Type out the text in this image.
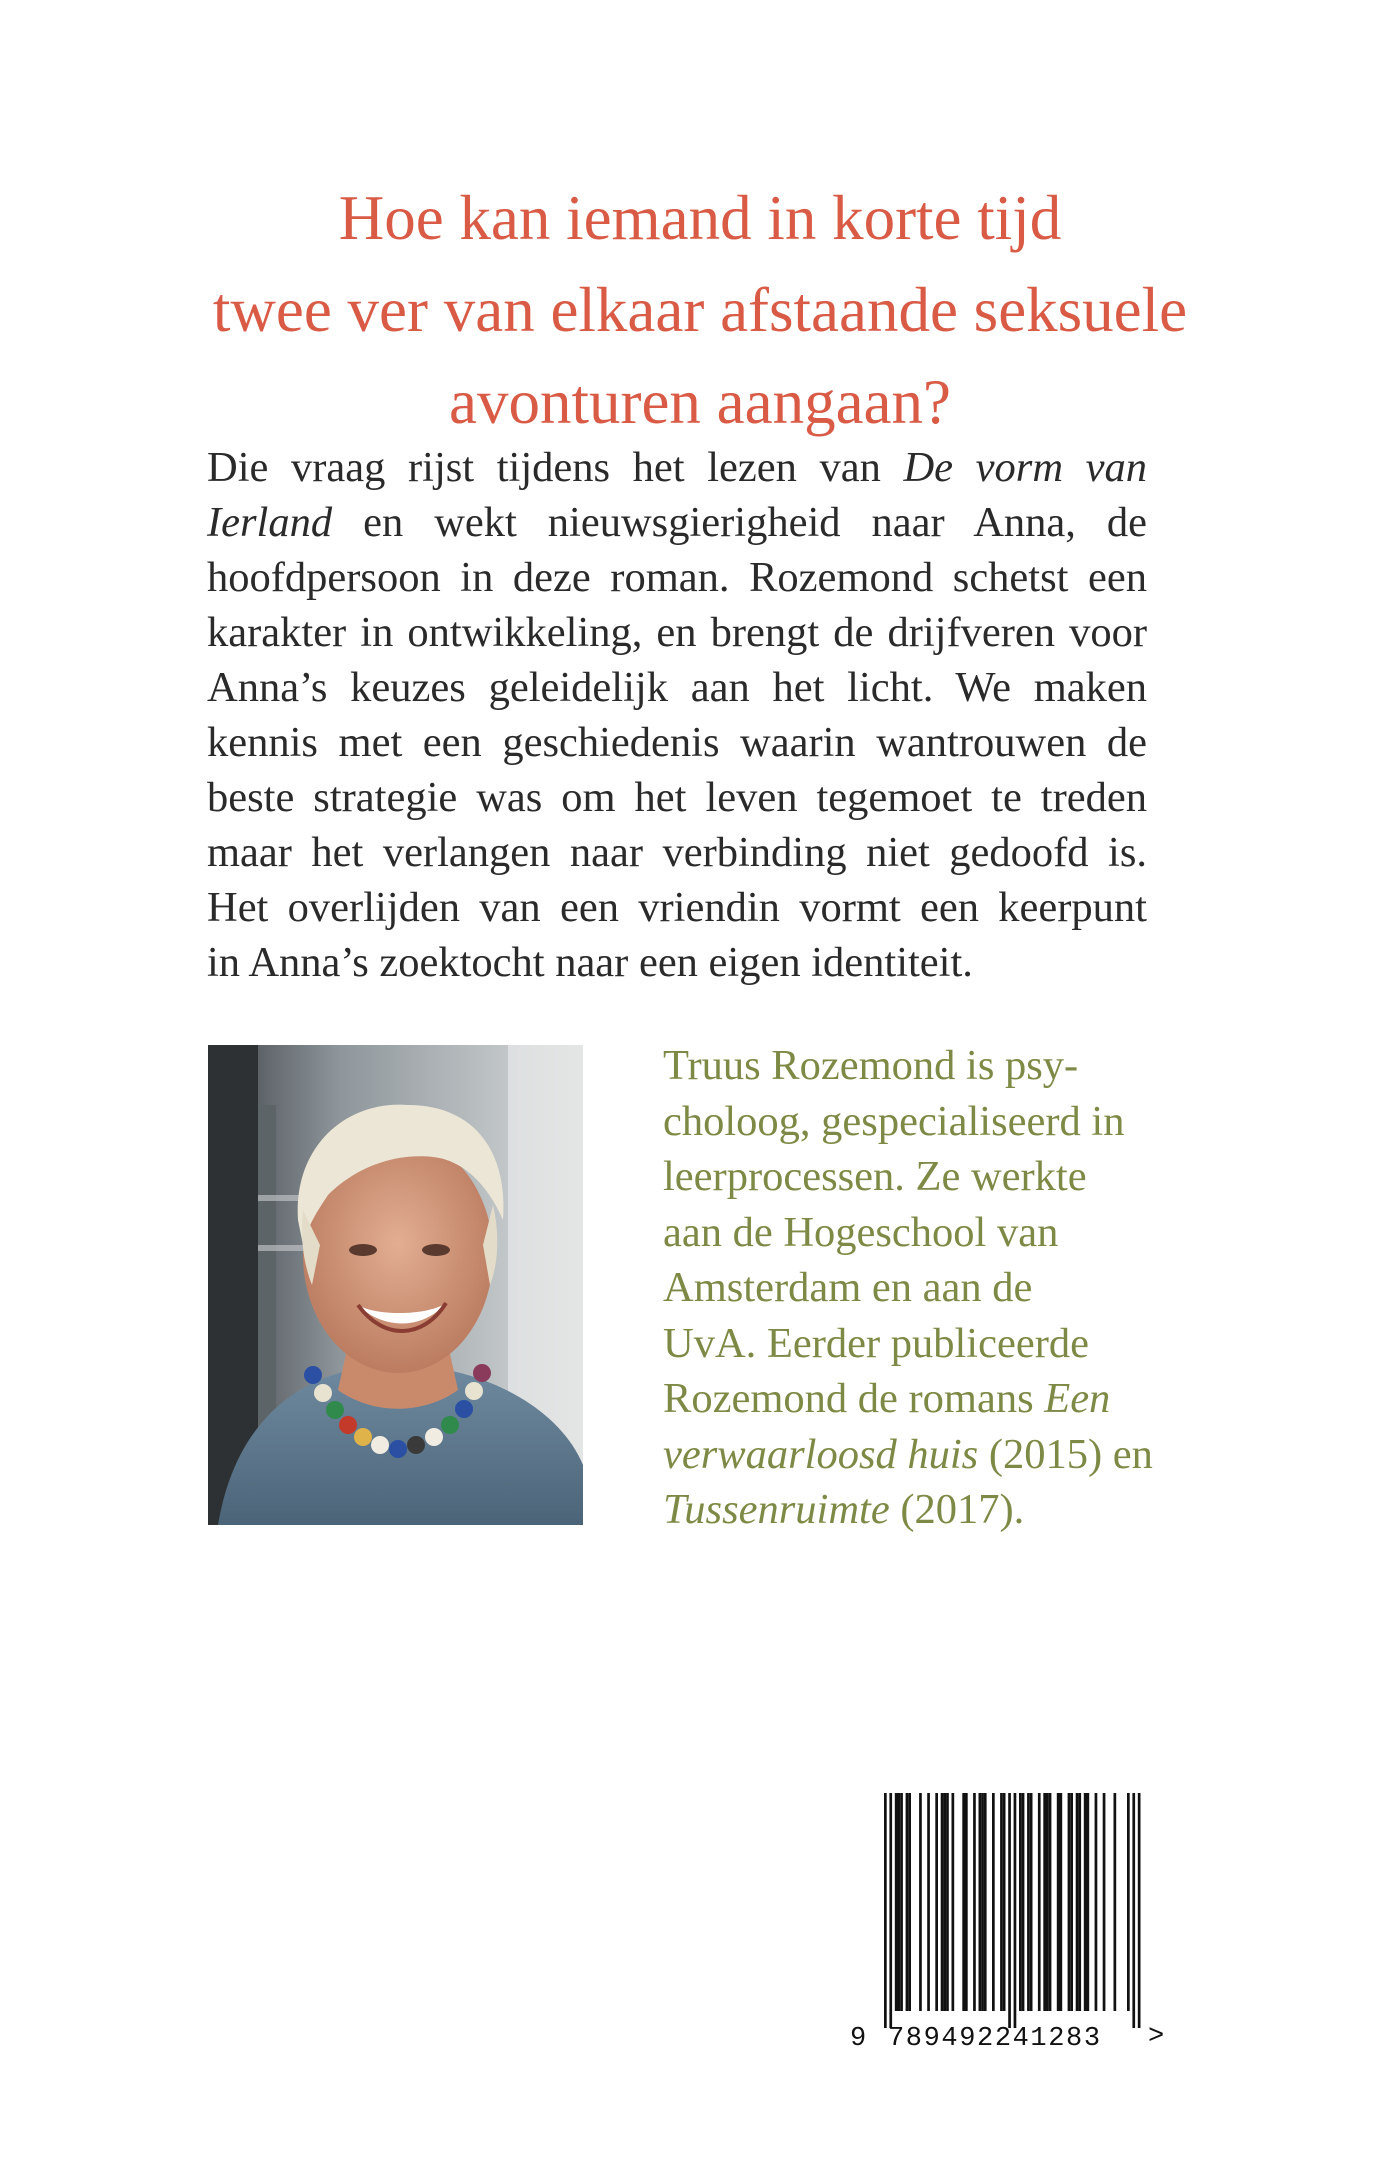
Hoe kan iemand in korte tijd
twee ver van elkaar afstaande seksuele
avonturen aangaan?

Die vraag rijst tijdens het lezen van De vorm van
Ierland en wekt nieuwsgierigheid naar Anna, de
hoofdpersoon in deze roman. Rozemond schetst een
karakter in ontwikkeling, en brengt de drijfveren voor
Anna’s keuzes geleidelijk aan het licht. We maken
kennis met een geschiedenis waarin wantrouwen de
beste strategie was om het leven tegemoet te treden
maar het verlangen naar verbinding niet gedoofd is.
Het overlijden van een vriendin vormt een keerpunt
in Anna’s zoektocht naar een eigen identiteit.

Truus Rozemond is psy-
choloog, gespecialiseerd in
leerprocessen. Ze werkte
aan de Hogeschool van
Amsterdam en aan de
UvA. Eerder publiceerde
Rozemond de romans Een
verwaarloosd huis (2015) en
Tussenruimte (2017).

9 789492241283 >
